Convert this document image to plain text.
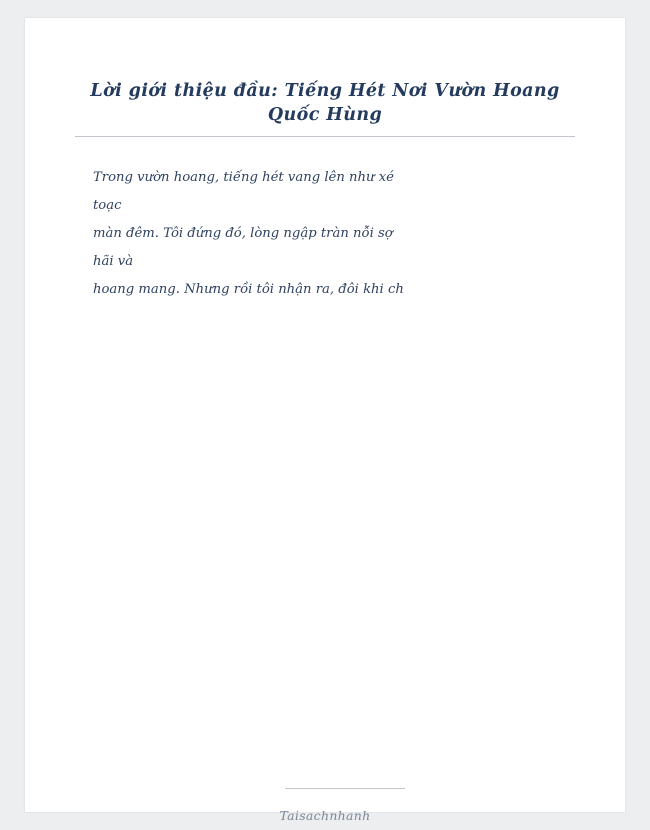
Lời giới thiệu đầu: Tiếng Hét Nơi Vườn Hoang Quốc Hùng
Trong vườn hoang, tiếng hét vang lên như xé
toạc
màn đêm. Tôi đứng đó, lòng ngập tràn nỗi sợ
hãi và
hoang mang. Nhưng rồi tôi nhận ra, đôi khi ch
Taisachnhanh
